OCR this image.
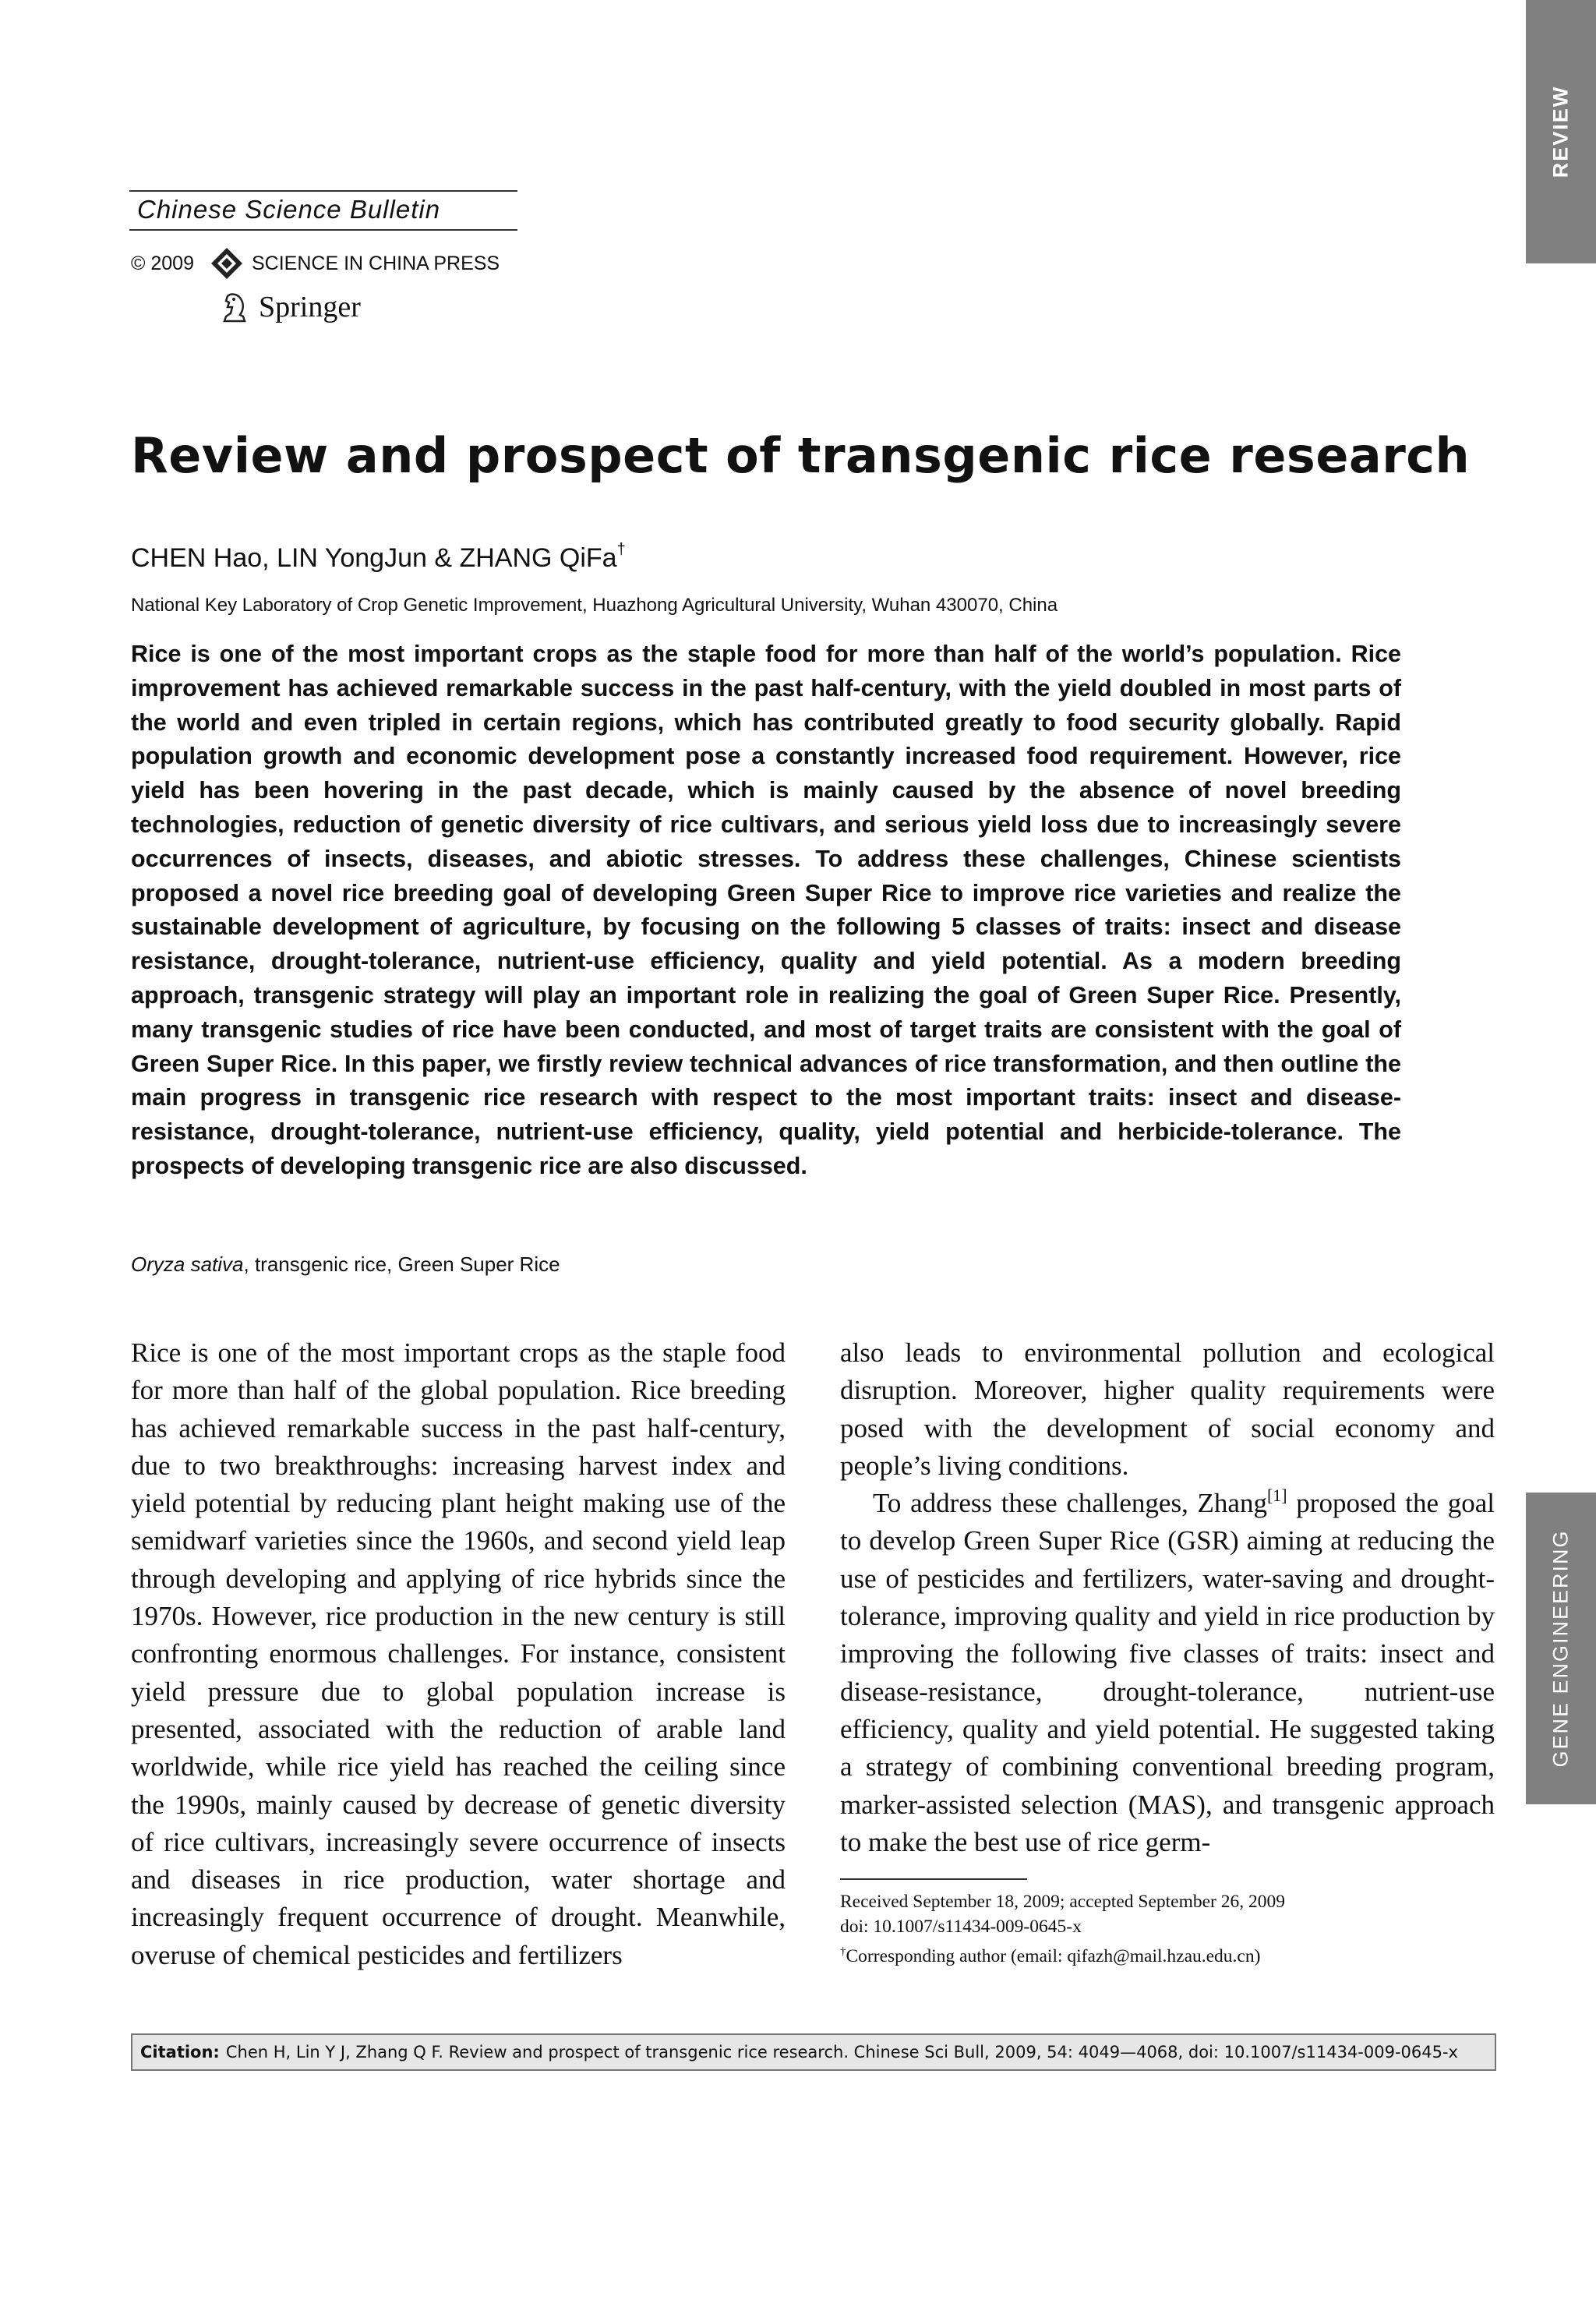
REVIEW
GENE ENGINEERING
Chinese Science Bulletin
© 2009	SCIENCE IN CHINA PRESS
Springer
Review and prospect of transgenic rice research
CHEN Hao, LIN YongJun & ZHANG QiFa†
National Key Laboratory of Crop Genetic Improvement, Huazhong Agricultural University, Wuhan 430070, China

Rice is one of the most important crops as the staple food for more than half of the world’s population. Rice improvement has achieved remarkable success in the past half-century, with the yield doubled in most parts of the world and even tripled in certain regions, which has contributed greatly to food security globally. Rapid population growth and economic development pose a constantly increased food requirement. However, rice yield has been hovering in the past decade, which is mainly caused by the absence of novel breeding technologies, reduction of genetic diversity of rice cultivars, and serious yield loss due to increasingly severe occurrences of insects, diseases, and abiotic stresses. To address these challenges, Chinese scientists proposed a novel rice breeding goal of developing Green Super Rice to improve rice varieties and realize the sustainable development of agriculture, by focusing on the following 5 classes of traits: insect and disease resistance, drought-tolerance, nutrient-use efficiency, quality and yield potential. As a modern breeding approach, transgenic strategy will play an important role in realizing the goal of Green Super Rice. Presently, many transgenic studies of rice have been conducted, and most of target traits are consistent with the goal of Green Super Rice. In this paper, we firstly review technical advances of rice transformation, and then outline the main progress in transgenic rice research with respect to the most important traits: insect and disease-resistance, drought-tolerance, nutrient-use efficiency, quality, yield potential and herbicide-tolerance. The prospects of developing transgenic rice are also discussed.

Oryza sativa, transgenic rice, Green Super Rice

Rice is one of the most important crops as the staple food for more than half of the global population. Rice breeding has achieved remarkable success in the past half-century, due to two breakthroughs: increasing harvest index and yield potential by reducing plant height making use of the semidwarf varieties since the 1960s, and second yield leap through developing and applying of rice hybrids since the 1970s. However, rice production in the new century is still confronting enormous challenges. For instance, consistent yield pressure due to global population increase is presented, associated with the reduction of arable land worldwide, while rice yield has reached the ceiling since the 1990s, mainly caused by decrease of genetic diversity of rice cultivars, increasingly severe occurrence of insects and diseases in rice production, water shortage and increasingly frequent occurrence of drought. Meanwhile, overuse of chemical pesticides and fertilizers

also leads to environmental pollution and ecological disruption. Moreover, higher quality requirements were posed with the development of social economy and people’s living conditions.

To address these challenges, Zhang[1] proposed the goal to develop Green Super Rice (GSR) aiming at reducing the use of pesticides and fertilizers, water-saving and drought-tolerance, improving quality and yield in rice production by improving the following five classes of traits: insect and disease-resistance, drought-tolerance, nutrient-use efficiency, quality and yield potential. He suggested taking a strategy of combining conventional breeding program, marker-assisted selection (MAS), and transgenic approach to make the best use of rice germ-

Received September 18, 2009; accepted September 26, 2009
doi: 10.1007/s11434-009-0645-x
†Corresponding author (email: qifazh@mail.hzau.edu.cn)
Citation: Chen H, Lin Y J, Zhang Q F. Review and prospect of transgenic rice research. Chinese Sci Bull, 2009, 54: 4049—4068, doi: 10.1007/s11434-009-0645-x
